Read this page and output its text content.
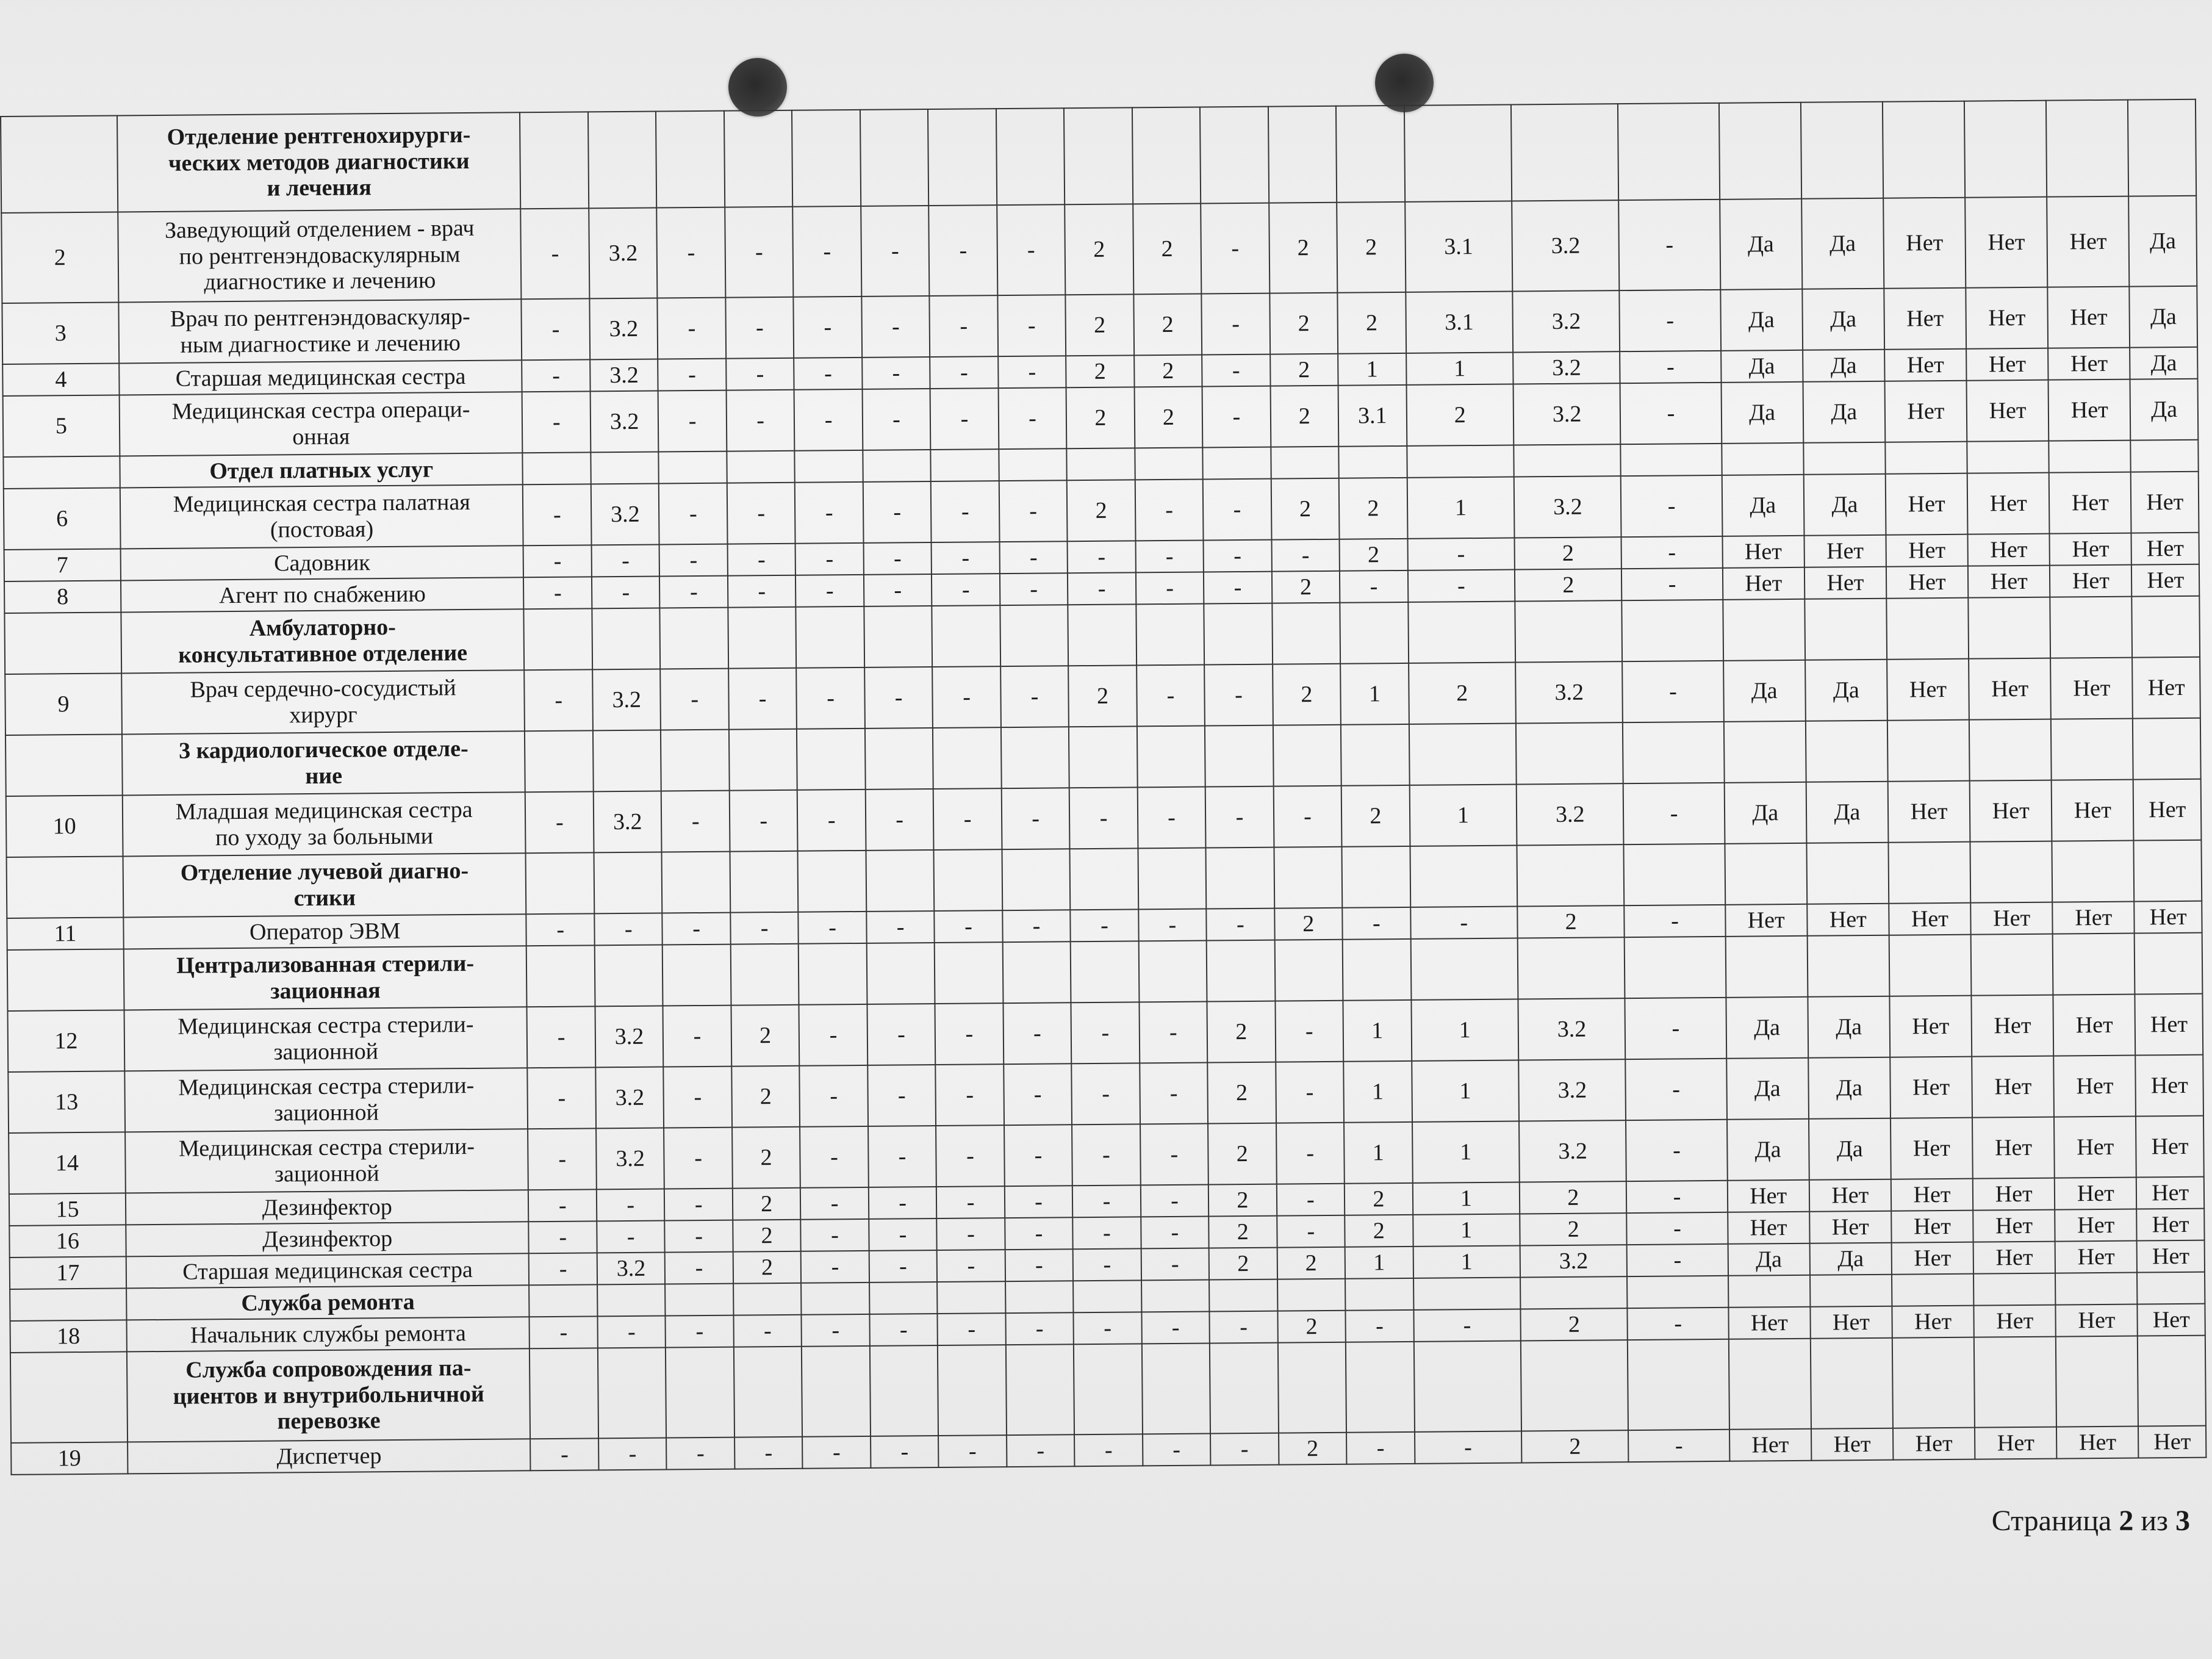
	Отделение рентгенохирурги-
ческих методов диагностики
и лечения																						
2	Заведующий отделением - врач
по рентгенэндоваскулярным
диагностике и лечению	-	3.2	-	-	-	-	-	-	2	2	-	2	2	3.1	3.2	-	Да	Да	Нет	Нет	Нет	Да
3	Врач по рентгенэндоваскуляр-
ным диагностике и лечению	-	3.2	-	-	-	-	-	-	2	2	-	2	2	3.1	3.2	-	Да	Да	Нет	Нет	Нет	Да
4	Старшая медицинская сестра	-	3.2	-	-	-	-	-	-	2	2	-	2	1	1	3.2	-	Да	Да	Нет	Нет	Нет	Да
5	Медицинская сестра операци-
онная	-	3.2	-	-	-	-	-	-	2	2	-	2	3.1	2	3.2	-	Да	Да	Нет	Нет	Нет	Да
	Отдел платных услуг																						
6	Медицинская сестра палатная
(постовая)	-	3.2	-	-	-	-	-	-	2	-	-	2	2	1	3.2	-	Да	Да	Нет	Нет	Нет	Нет
7	Садовник	-	-	-	-	-	-	-	-	-	-	-	-	2	-	2	-	Нет	Нет	Нет	Нет	Нет	Нет
8	Агент по снабжению	-	-	-	-	-	-	-	-	-	-	-	2	-	-	2	-	Нет	Нет	Нет	Нет	Нет	Нет
	Амбулаторно-
консультативное отделение																						
9	Врач сердечно-сосудистый
хирург	-	3.2	-	-	-	-	-	-	2	-	-	2	1	2	3.2	-	Да	Да	Нет	Нет	Нет	Нет
	3 кардиологическое отделе-
ние																						
10	Младшая медицинская сестра
по уходу за больными	-	3.2	-	-	-	-	-	-	-	-	-	-	2	1	3.2	-	Да	Да	Нет	Нет	Нет	Нет
	Отделение лучевой диагно-
стики																						
11	Оператор ЭВМ	-	-	-	-	-	-	-	-	-	-	-	2	-	-	2	-	Нет	Нет	Нет	Нет	Нет	Нет
	Централизованная стерили-
зационная																						
12	Медицинская сестра стерили-
зационной	-	3.2	-	2	-	-	-	-	-	-	2	-	1	1	3.2	-	Да	Да	Нет	Нет	Нет	Нет
13	Медицинская сестра стерили-
зационной	-	3.2	-	2	-	-	-	-	-	-	2	-	1	1	3.2	-	Да	Да	Нет	Нет	Нет	Нет
14	Медицинская сестра стерили-
зационной	-	3.2	-	2	-	-	-	-	-	-	2	-	1	1	3.2	-	Да	Да	Нет	Нет	Нет	Нет
15	Дезинфектор	-	-	-	2	-	-	-	-	-	-	2	-	2	1	2	-	Нет	Нет	Нет	Нет	Нет	Нет
16	Дезинфектор	-	-	-	2	-	-	-	-	-	-	2	-	2	1	2	-	Нет	Нет	Нет	Нет	Нет	Нет
17	Старшая медицинская сестра	-	3.2	-	2	-	-	-	-	-	-	2	2	1	1	3.2	-	Да	Да	Нет	Нет	Нет	Нет
	Служба ремонта																						
18	Начальник службы ремонта	-	-	-	-	-	-	-	-	-	-	-	2	-	-	2	-	Нет	Нет	Нет	Нет	Нет	Нет
	Служба сопровождения па-
циентов и внутрибольничной
перевозке																						
19	Диспетчер	-	-	-	-	-	-	-	-	-	-	-	2	-	-	2	-	Нет	Нет	Нет	Нет	Нет	Нет
Страница 2 из 3
